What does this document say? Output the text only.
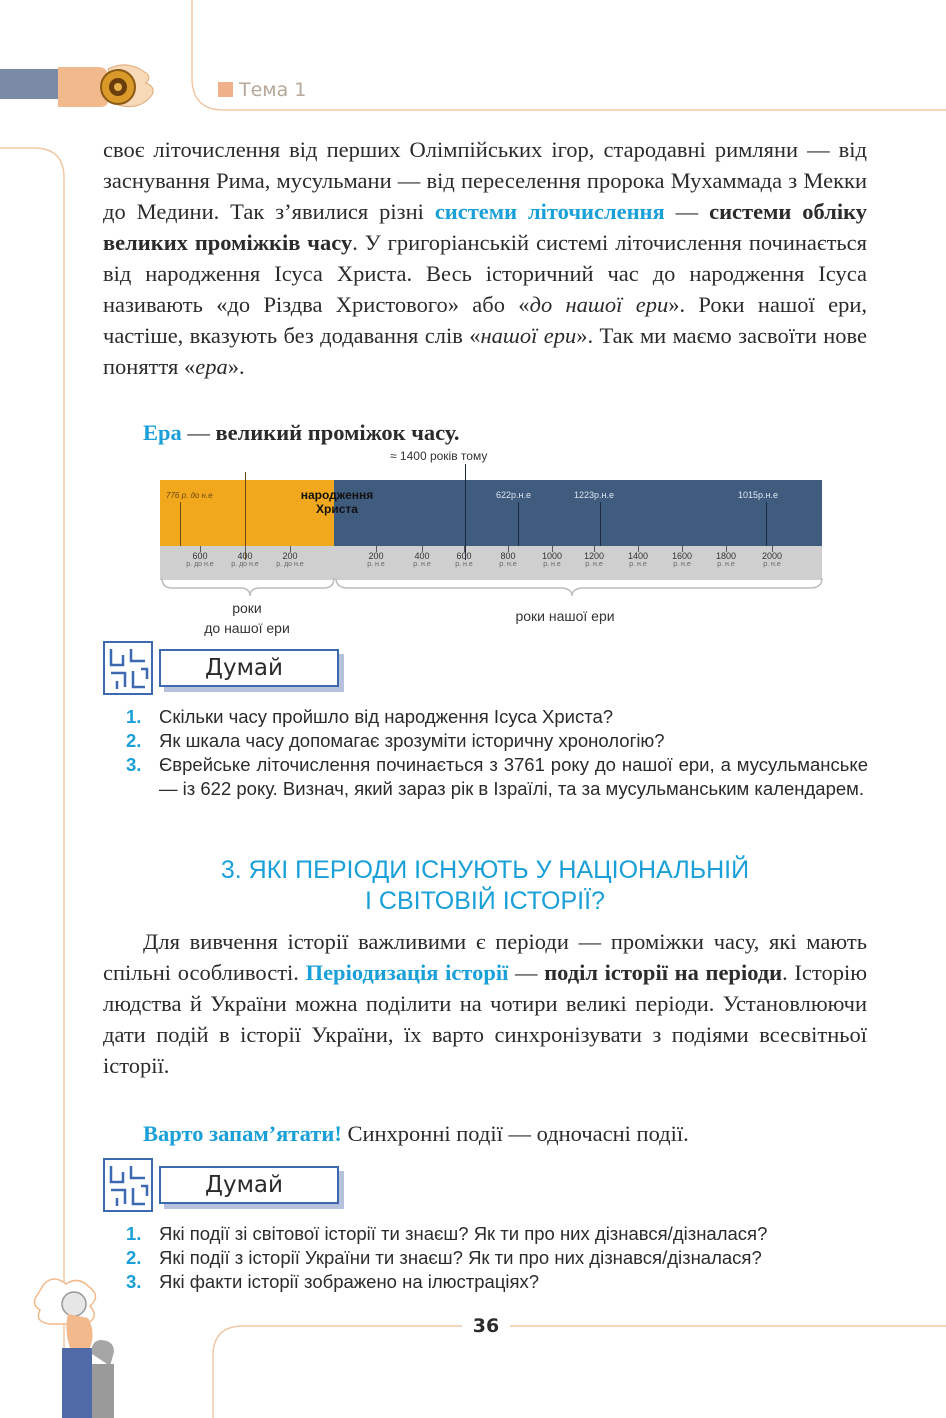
Тема 1

своє літочислення від перших Олімпійських ігор, стародавні римляни — від заснування Рима, мусульмани — від переселення пророка Мухаммада з Мекки до Медини. Так з’явилися різні системи літочислення — системи обліку великих проміжків часу. У григоріанській системі літочислення починається від народження Ісуса Христа. Весь історичний час до народження Ісуса називають «до Різдва Христового» або «до нашої ери». Роки нашої ери, частіше, вказують без додавання слів «нашої ери». Так ми маємо засвоїти нове поняття «ера».

Ера — великий проміжок часу.

≈ 1400 років тому
776 р. до н.е	народження
Христа
622р.н.е	1223р.н.е	1015р.н.е
600
р. до н.е
400
р. до н.е
200
р. до н.е
200
р. н.е
400
р. н.е
600
р. н.е
800
р. н.е
1000
р. н.е
1200
р. н.е
1400
р. н.е
1600
р. н.е
1800
р. н.е
2000
р. н.е
роки
до нашої ери
роки нашої ери
Думай
1. Скільки часу пройшло від народження Ісуса Христа?
2. Як шкала часу допомагає зрозуміти історичну хронологію?
3. Єврейське літочислення починається з 3761 року до нашої ери, а мусульманське — із 622 року. Визнач, який зараз рік в Ізраїлі, та за мусульманським календарем.
3. ЯКІ ПЕРІОДИ ІСНУЮТЬ У НАЦІОНАЛЬНІЙ
І СВІТОВІЙ ІСТОРІЇ?

Для вивчення історії важливими є періоди — проміжки часу, які мають спільні особливості. Періодизація історії — поділ історії на періоди. Історію людства й України можна поділити на чотири великі періоди. Установлюючи дати подій в історії України, їх варто синхронізувати з подіями всесвітньої історії.

Варто запам’ятати! Синхронні події — одночасні події.

Думай
1. Які події зі світової історії ти знаєш? Як ти про них дізнався/дізналася?
2. Які події з історії України ти знаєш? Як ти про них дізнався/дізналася?
3. Які факти історії зображено на ілюстраціях?
36
